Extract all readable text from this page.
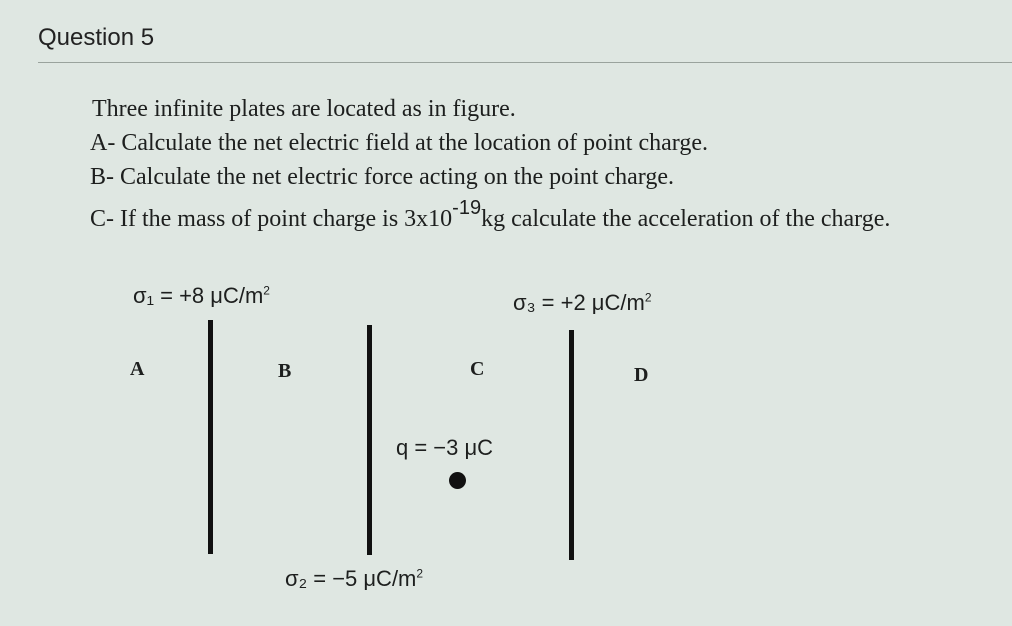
Question 5
Three infinite plates are located as in figure.
A- Calculate the net electric field at the location of point charge.
B- Calculate the net electric force acting on the point charge.
C- If the mass of point charge is $3x10^{-19}kg$ calculate the acceleration of the charge.
σ₁ = +8 $\mu C/m^2$	σ₃ = +2 $\mu C/m^2$
σ₂ = −5 $\mu C/m^2$
A	B	C	D
q = −3 μC
